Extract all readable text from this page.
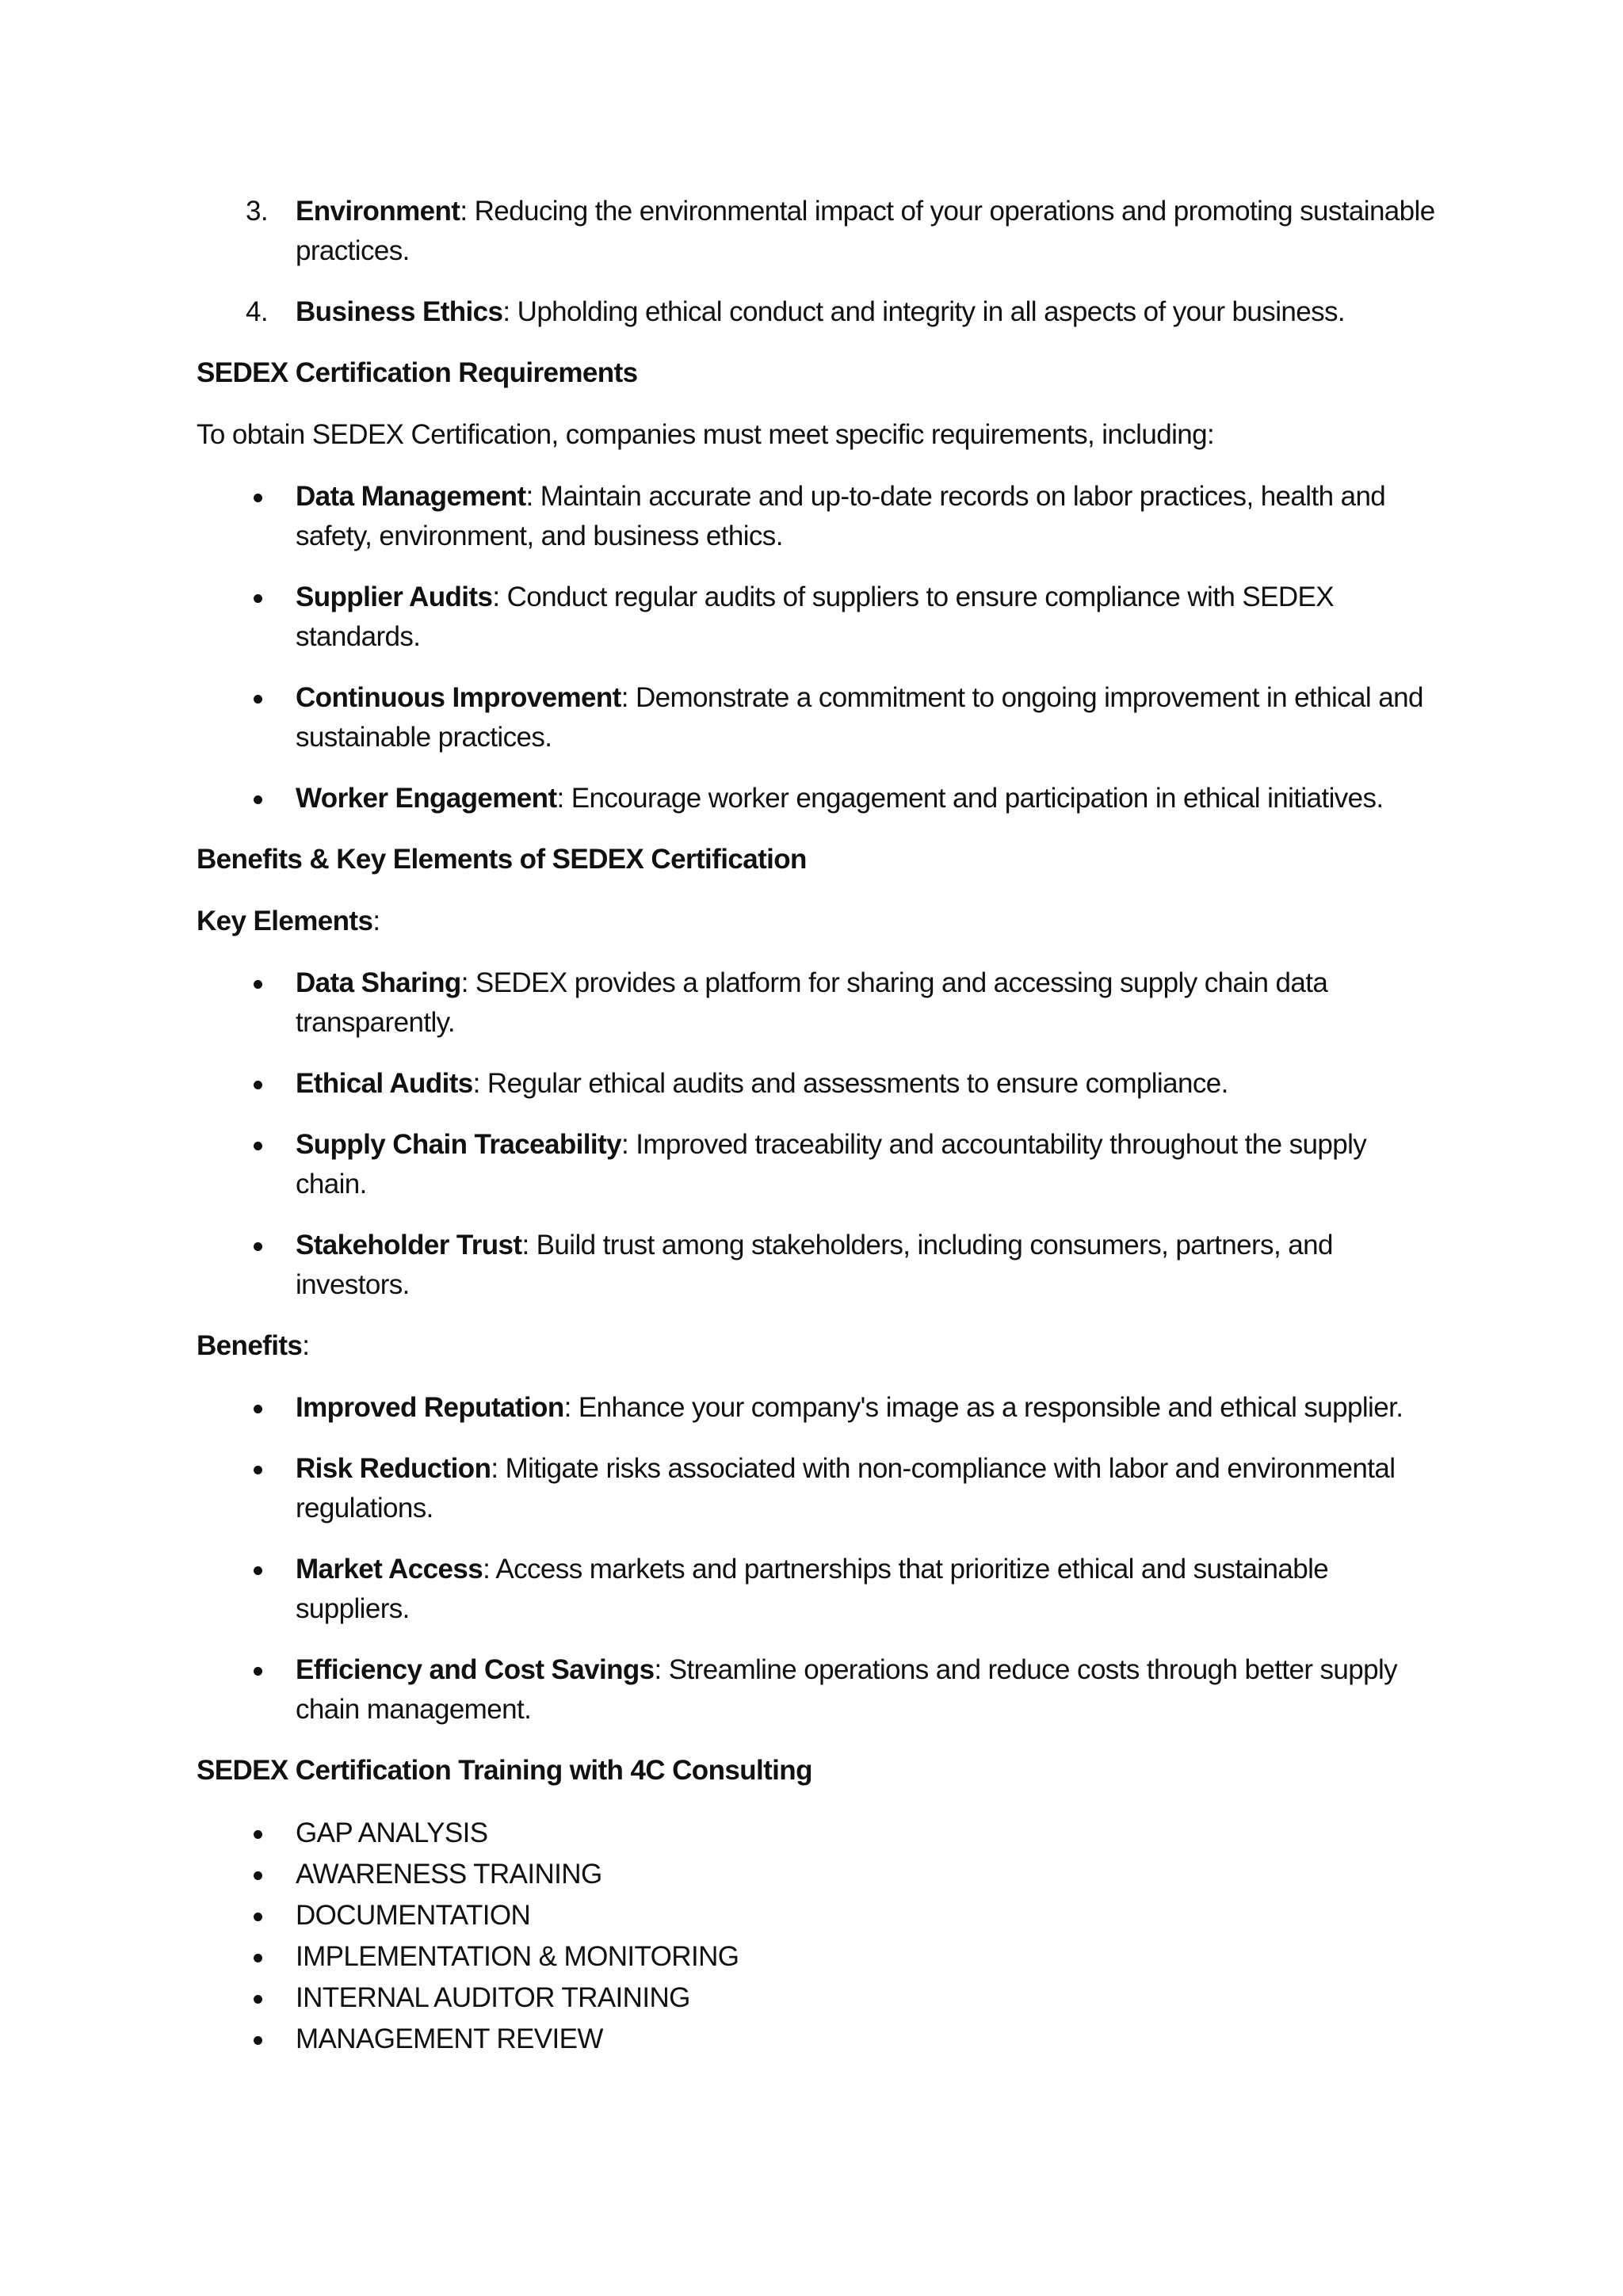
3. Environment: Reducing the environmental impact of your operations and promoting sustainable practices.
4. Business Ethics: Upholding ethical conduct and integrity in all aspects of your business.
SEDEX Certification Requirements
To obtain SEDEX Certification, companies must meet specific requirements, including:
Data Management: Maintain accurate and up-to-date records on labor practices, health and safety, environment, and business ethics.
Supplier Audits: Conduct regular audits of suppliers to ensure compliance with SEDEX standards.
Continuous Improvement: Demonstrate a commitment to ongoing improvement in ethical and sustainable practices.
Worker Engagement: Encourage worker engagement and participation in ethical initiatives.
Benefits & Key Elements of SEDEX Certification
Key Elements:
Data Sharing: SEDEX provides a platform for sharing and accessing supply chain data transparently.
Ethical Audits: Regular ethical audits and assessments to ensure compliance.
Supply Chain Traceability: Improved traceability and accountability throughout the supply chain.
Stakeholder Trust: Build trust among stakeholders, including consumers, partners, and investors.
Benefits:
Improved Reputation: Enhance your company's image as a responsible and ethical supplier.
Risk Reduction: Mitigate risks associated with non-compliance with labor and environmental regulations.
Market Access: Access markets and partnerships that prioritize ethical and sustainable suppliers.
Efficiency and Cost Savings: Streamline operations and reduce costs through better supply chain management.
SEDEX Certification Training with 4C Consulting
GAP ANALYSIS
AWARENESS TRAINING
DOCUMENTATION
IMPLEMENTATION & MONITORING
INTERNAL AUDITOR TRAINING
MANAGEMENT REVIEW
